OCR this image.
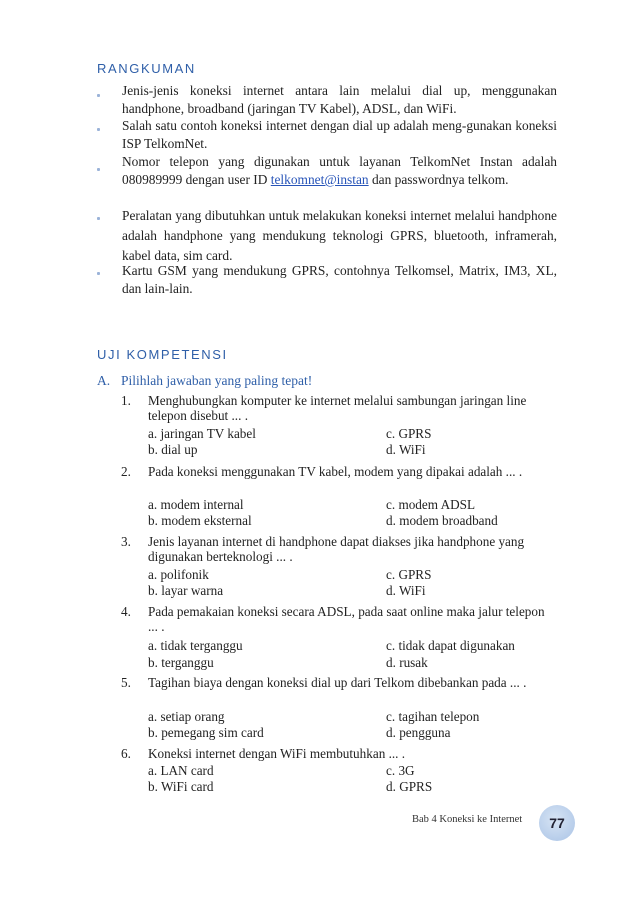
RANGKUMAN
Jenis-jenis koneksi internet antara lain melalui dial up, menggunakan handphone, broadband (jaringan TV Kabel), ADSL, dan WiFi.
Salah satu contoh koneksi internet dengan dial up adalah meng-gunakan koneksi ISP TelkomNet.
Nomor telepon yang digunakan untuk layanan TelkomNet Instan adalah 080989999 dengan user ID telkomnet@instan dan passwordnya telkom.
Peralatan yang dibutuhkan untuk melakukan koneksi internet melalui handphone adalah handphone yang mendukung teknologi GPRS, bluetooth, inframerah, kabel data, sim card.
Kartu GSM yang mendukung GPRS, contohnya Telkomsel, Matrix, IM3, XL, dan lain-lain.
UJI KOMPETENSI
A. Pilihlah jawaban yang paling tepat!
1.	Menghubungkan komputer ke internet melalui sambungan jaringan line telepon disebut ... .
a. jaringan TV kabel
b. dial up
c. GPRS
d. WiFi
2.	Pada koneksi menggunakan TV kabel, modem yang dipakai adalah ... .
a. modem internal
b. modem eksternal
c. modem ADSL
d. modem broadband
3.	Jenis layanan internet di handphone dapat diakses jika handphone yang digunakan berteknologi ... .
a. polifonik
b. layar warna
c. GPRS
d. WiFi
4.	Pada pemakaian koneksi secara ADSL, pada saat online maka jalur telepon ... .
a. tidak terganggu
b. terganggu
c. tidak dapat digunakan
d. rusak
5.	Tagihan biaya dengan koneksi dial up dari Telkom dibebankan pada ... .
a. setiap orang
b. pemegang sim card
c. tagihan telepon
d. pengguna
6.	Koneksi internet dengan WiFi membutuhkan ... .
a. LAN card
b. WiFi card
c. 3G
d. GPRS
Bab 4 Koneksi ke Internet 77
